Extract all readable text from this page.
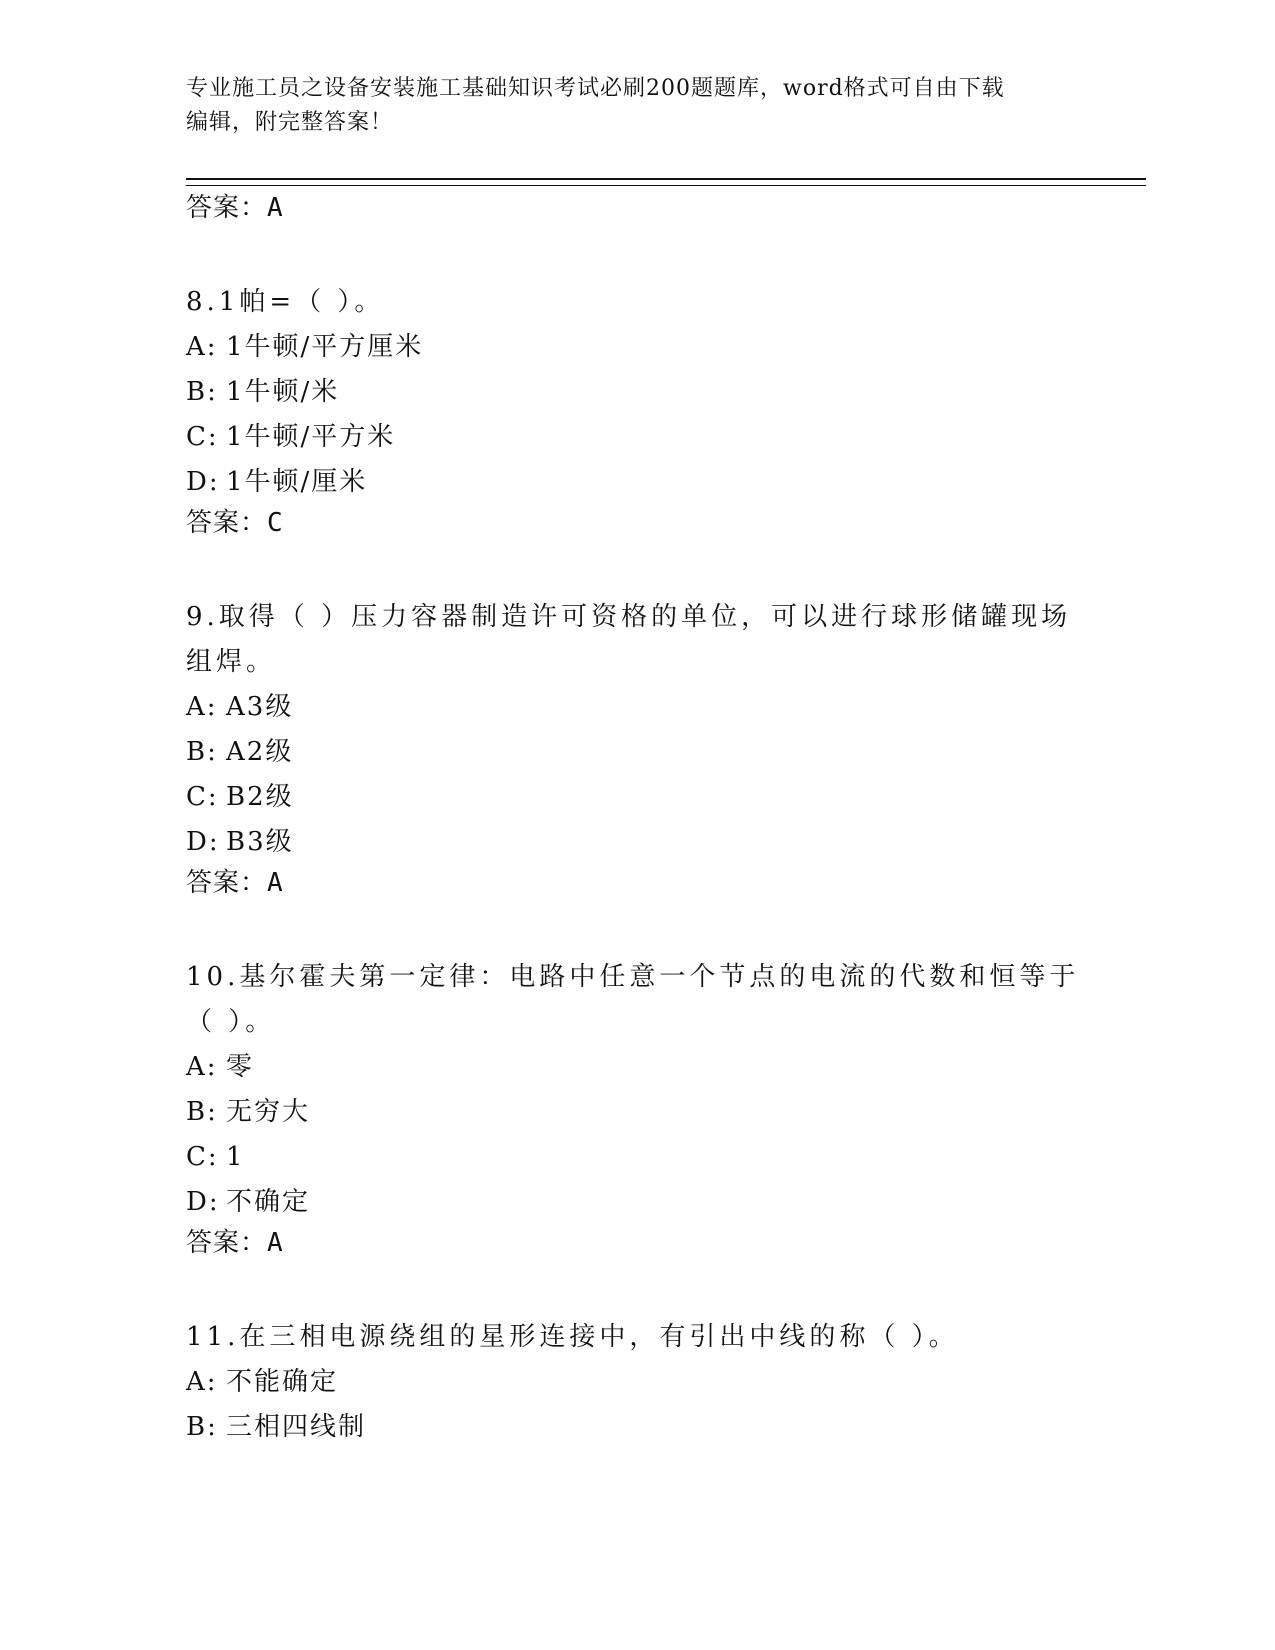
专业施工员之设备安装施工基础知识考试必刷200题题库，word格式可自由下载
编辑，附完整答案！
答案：A
8.1帕=（ ）。
A: 1牛顿/平方厘米
B: 1牛顿/米
C: 1牛顿/平方米
D: 1牛顿/厘米
答案：C
9.取得（ ）压力容器制造许可资格的单位，可以进行球形储罐现场组焊。
A: A3级
B: A2级
C: B2级
D: B3级
答案：A
10.基尔霍夫第一定律：电路中任意一个节点的电流的代数和恒等于（ ）。
A: 零
B: 无穷大
C: 1
D: 不确定
答案：A
11.在三相电源绕组的星形连接中，有引出中线的称（ ）。
A: 不能确定
B: 三相四线制
